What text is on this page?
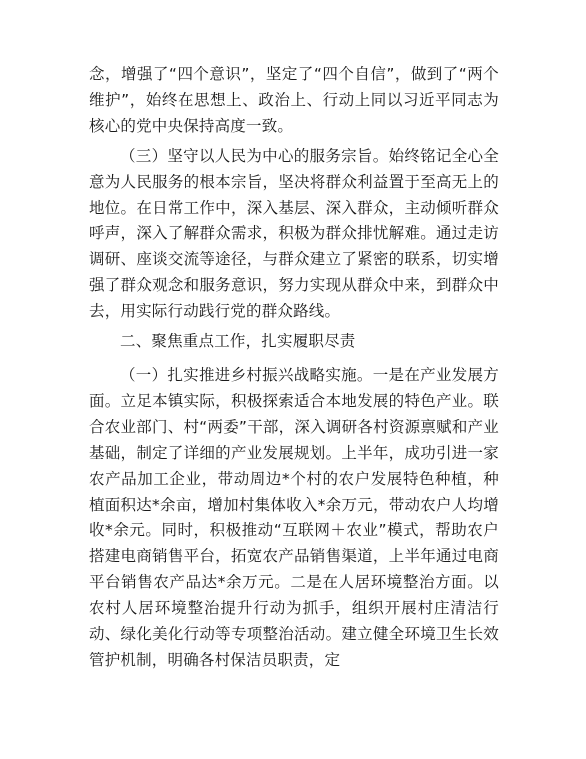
念，增强了“四个意识”，坚定了“四个自信”，做到了“两个维护”，始终在思想上、政治上、行动上同以习近平同志为核心的党中央保持高度一致。

（三）坚守以人民为中心的服务宗旨。始终铭记全心全意为人民服务的根本宗旨，坚决将群众利益置于至高无上的地位。在日常工作中，深入基层、深入群众，主动倾听群众呼声，深入了解群众需求，积极为群众排忧解难。通过走访调研、座谈交流等途径，与群众建立了紧密的联系，切实增强了群众观念和服务意识，努力实现从群众中来，到群众中去，用实际行动践行党的群众路线。

二、聚焦重点工作，扎实履职尽责

（一）扎实推进乡村振兴战略实施。一是在产业发展方面。立足本镇实际，积极探索适合本地发展的特色产业。联合农业部门、村“两委”干部，深入调研各村资源禀赋和产业基础，制定了详细的产业发展规划。上半年，成功引进一家农产品加工企业，带动周边*个村的农户发展特色种植，种植面积达*余亩，增加村集体收入*余万元，带动农户人均增收*余元。同时，积极推动“互联网＋农业”模式，帮助农户搭建电商销售平台，拓宽农产品销售渠道，上半年通过电商平台销售农产品达*余万元。二是在人居环境整治方面。以农村人居环境整治提升行动为抓手，组织开展村庄清洁行动、绿化美化行动等专项整治活动。建立健全环境卫生长效管护机制，明确各村保洁员职责，定
